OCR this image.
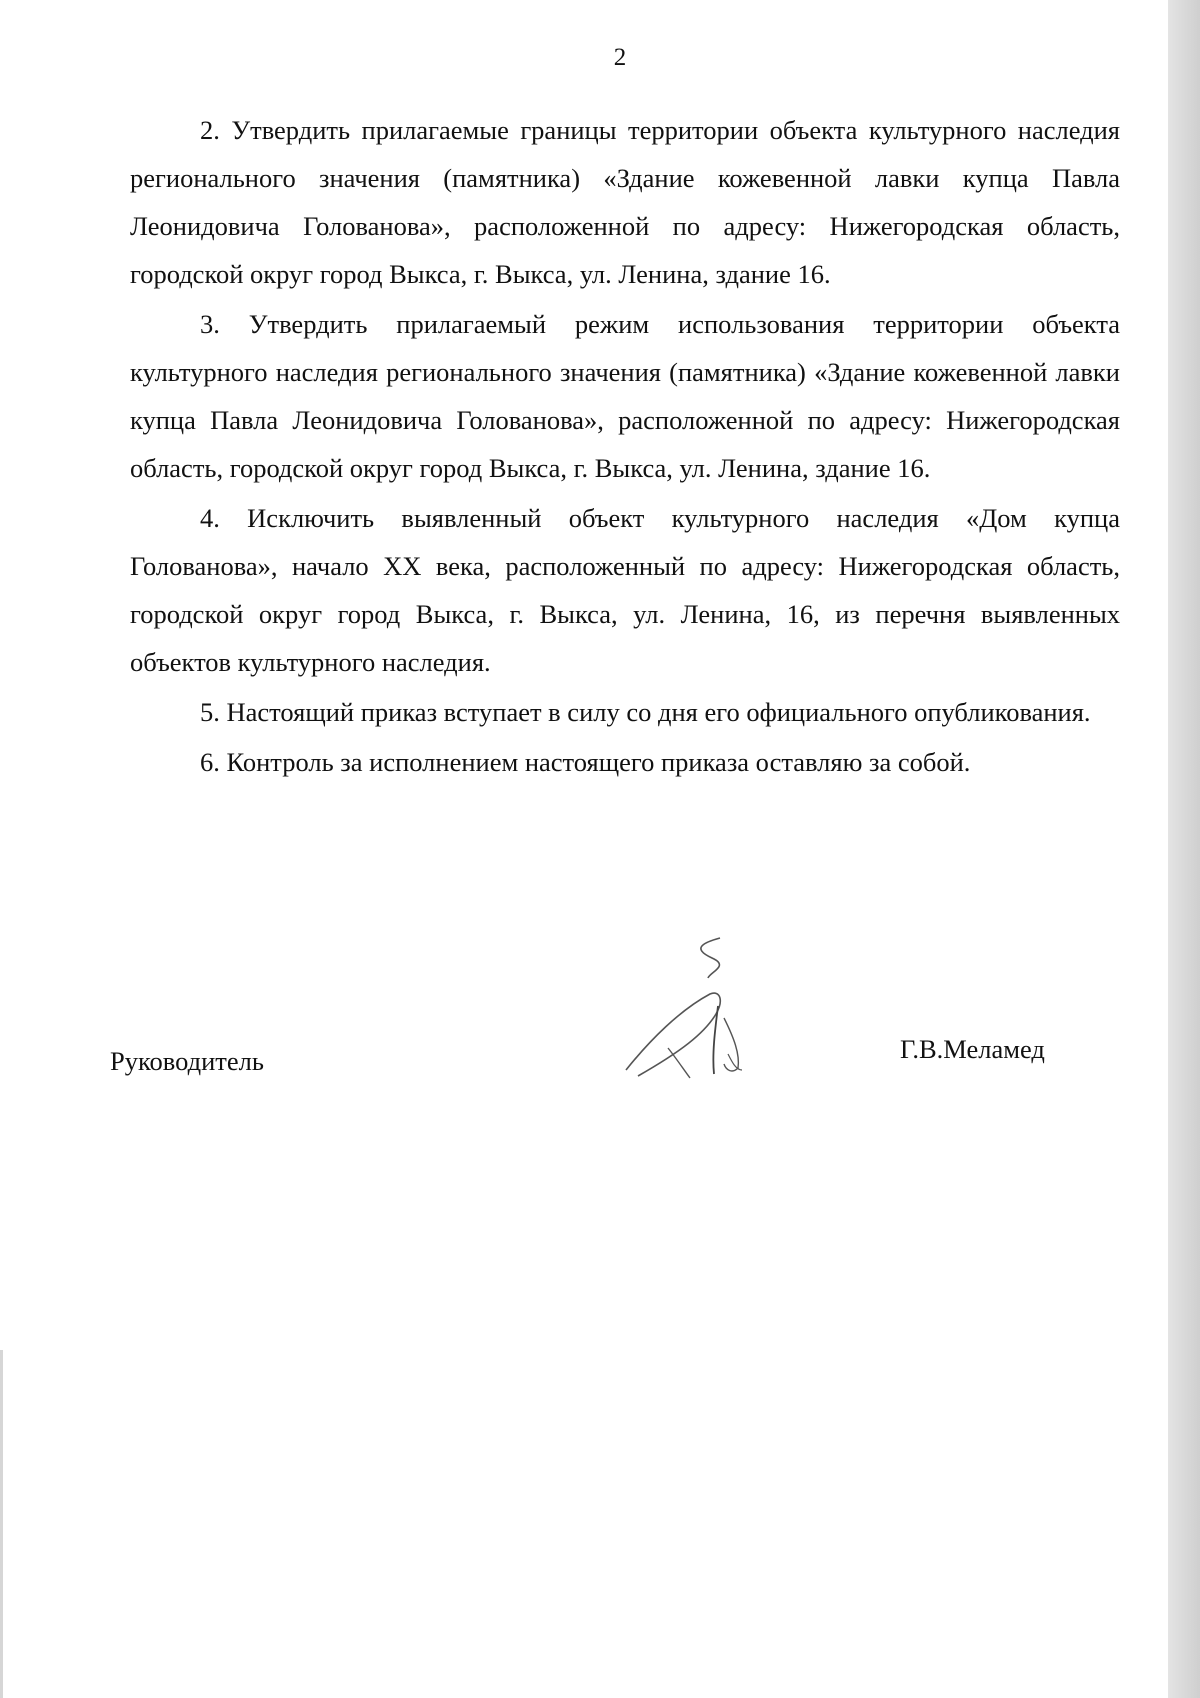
2

2. Утвердить прилагаемые границы территории объекта культурного наследия регионального значения (памятника) «Здание кожевенной лавки купца Павла Леонидовича Голованова», расположенной по адресу: Нижегородская область, городской округ город Выкса, г. Выкса, ул. Ленина, здание 16.

3. Утвердить прилагаемый режим использования территории объекта культурного наследия регионального значения (памятника) «Здание кожевенной лавки купца Павла Леонидовича Голованова», расположенной по адресу: Нижегородская область, городской округ город Выкса, г. Выкса, ул. Ленина, здание 16.

4. Исключить выявленный объект культурного наследия «Дом купца Голованова», начало XX века, расположенный по адресу: Нижегородская область, городской округ город Выкса, г. Выкса, ул. Ленина, 16, из перечня выявленных объектов культурного наследия.

5. Настоящий приказ вступает в силу со дня его официального опубликования.

6. Контроль за исполнением настоящего приказа оставляю за собой.

Руководитель	Г.В.Меламед
